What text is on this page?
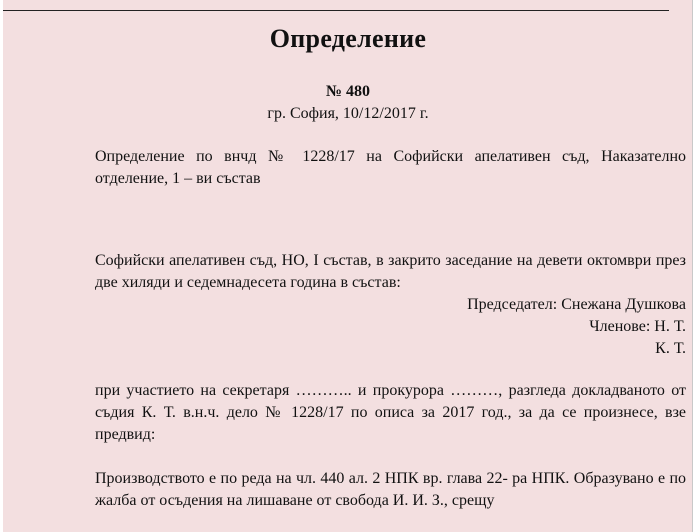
Определение
№ 480
гр. София, 10/12/2017 г.
Определение по внчд № 1228/17 на Софийски апелативен съд, Наказателно отделение, 1 – ви състав
Софийски апелативен съд, НО, I състав, в закрито заседание на девети октомври през две хиляди и седемнадесета година в състав:
Председател: Снежана Душкова
Членове: Н. Т.
К. Т.
при участието на секретаря ……….. и прокурора ………, разгледа докладваното от съдия К. Т. в.н.ч. дело № 1228/17 по описа за 2017 год., за да се произнесе, взе предвид:
Производството е по реда на чл. 440 ал. 2 НПК вр. глава 22- ра НПК. Образувано е по жалба от осъдения на лишаване от свобода И. И. З., срещу
